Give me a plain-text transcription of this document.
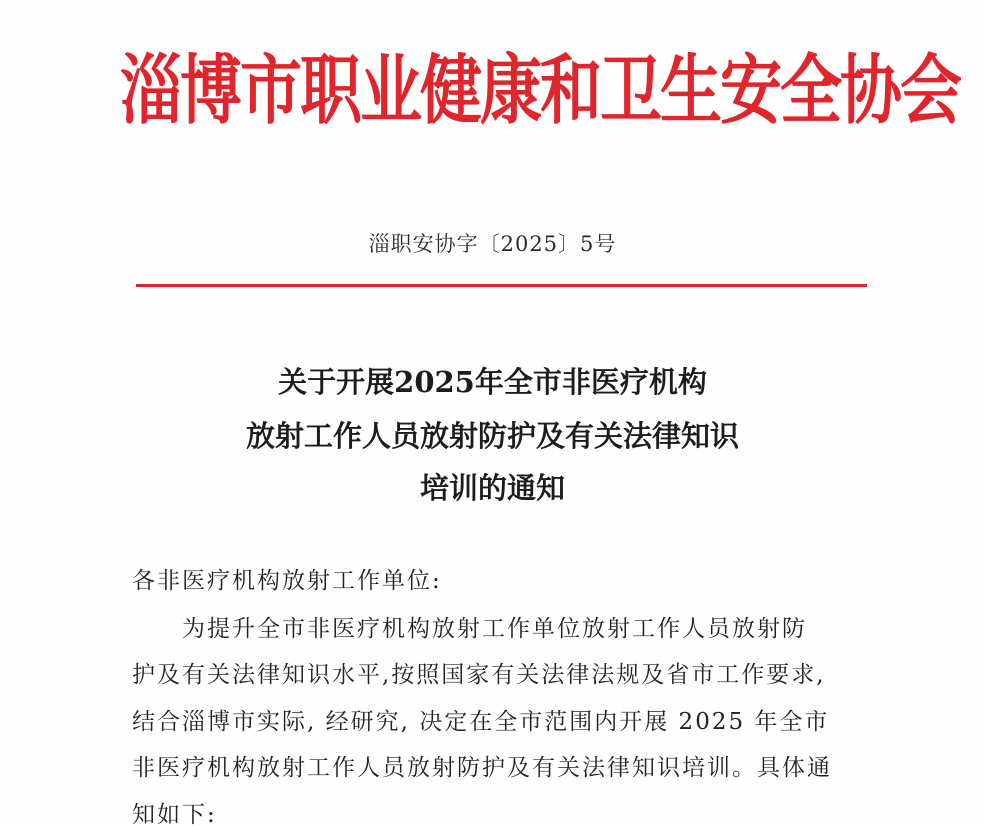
淄博市职业健康和卫生安全协会
淄职安协字〔2025〕5号
关于开展2025年全市非医疗机构
放射工作人员放射防护及有关法律知识
培训的通知
各非医疗机构放射工作单位:
为提升全市非医疗机构放射工作单位放射工作人员放射防
护及有关法律知识水平,按照国家有关法律法规及省市工作要求,
结合淄博市实际, 经研究, 决定在全市范围内开展 2025 年全市
非医疗机构放射工作人员放射防护及有关法律知识培训。具体通
知如下:
